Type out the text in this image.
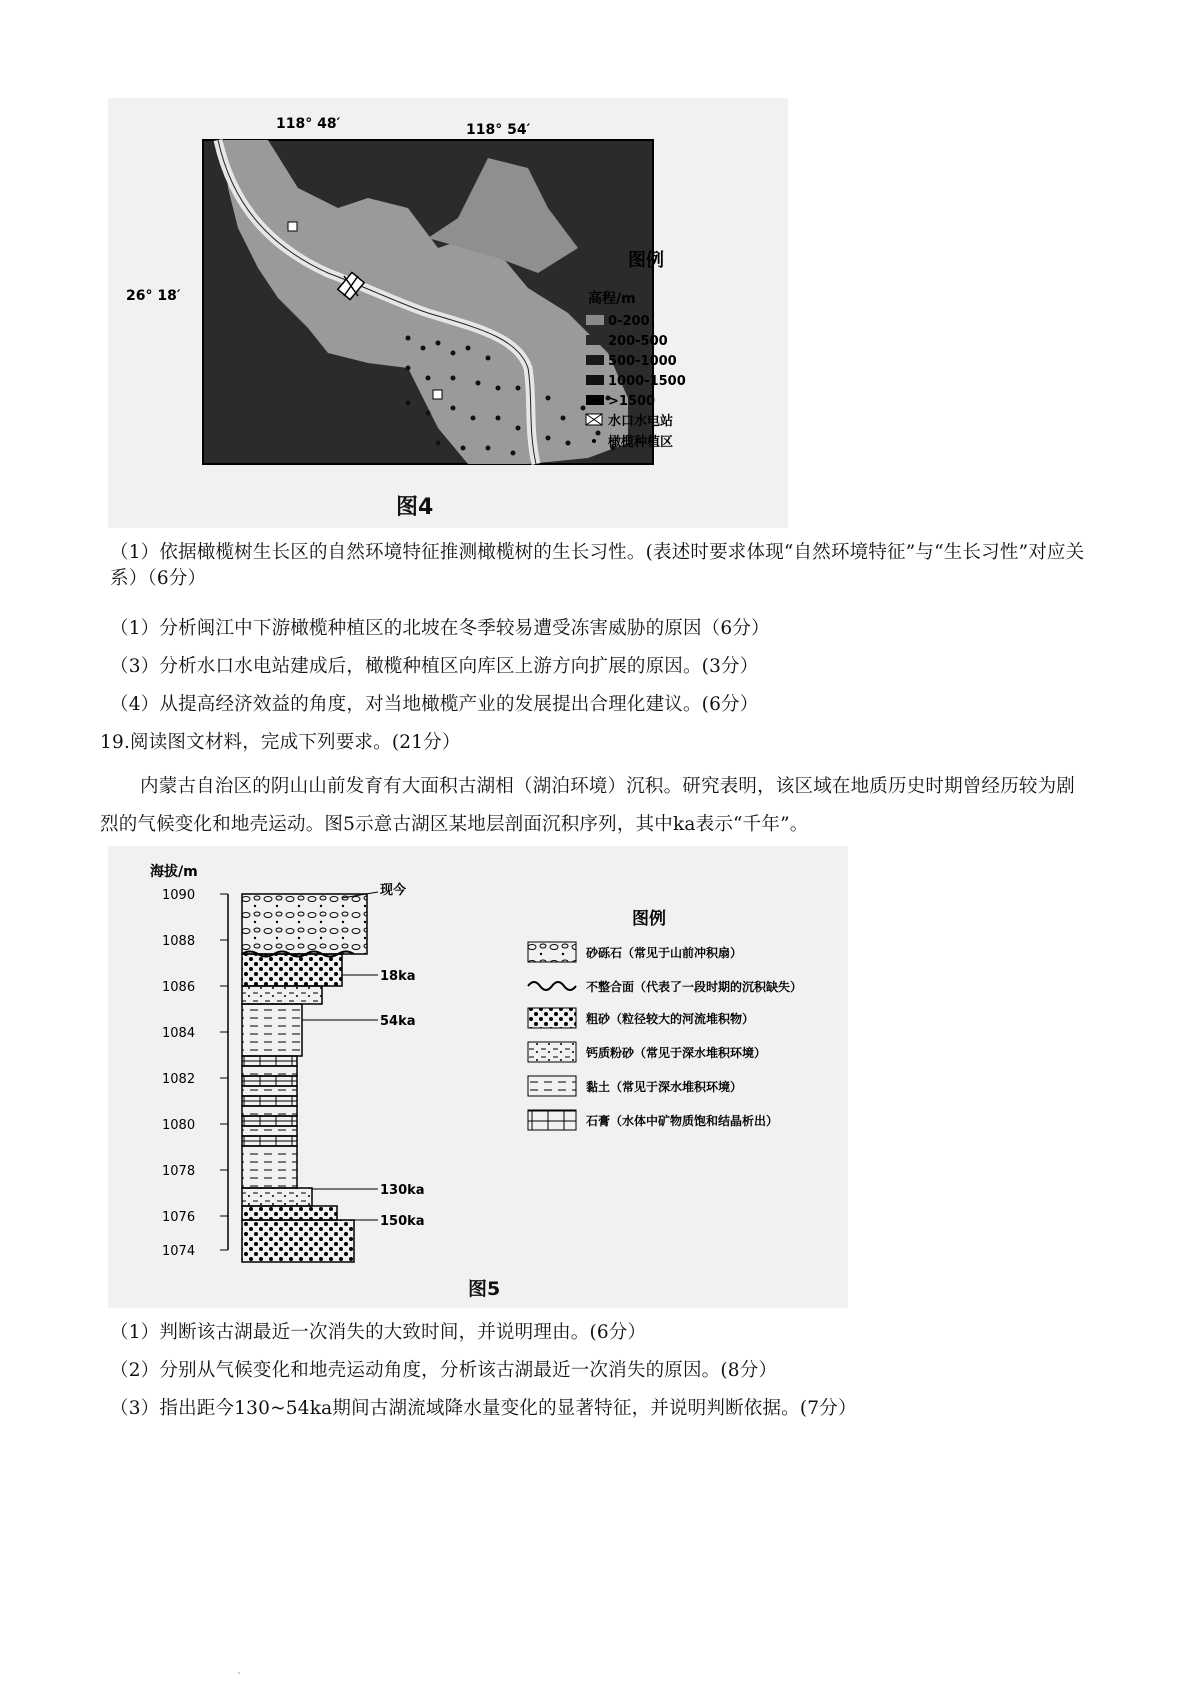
118° 48′	118° 54′
26° 18′
图例
高程/m
0-200
200-500
500-1000
1000-1500
>1500
水口水电站
橄榄种植区
图4
（1）依据橄榄树生长区的自然环境特征推测橄榄树的生长习性。(表述时要求体现“自然环境特征”与“生长习性”对应关系）（6分）
（1）分析闽江中下游橄榄种植区的北坡在冬季较易遭受冻害威胁的原因（6分）
（3）分析水口水电站建成后，橄榄种植区向库区上游方向扩展的原因。(3分）
（4）从提高经济效益的角度，对当地橄榄产业的发展提出合理化建议。(6分）
19.阅读图文材料，完成下列要求。(21分）
内蒙古自治区的阴山山前发育有大面积古湖相（湖泊环境）沉积。研究表明，该区域在地质历史时期曾经历较为剧烈的气候变化和地壳运动。图5示意古湖区某地层剖面沉积序列，其中ka表示“千年”。
海拔/m
1090
1088
1086
1084
1082
1080
1078
1076
1074
现今
18ka
54ka
130ka
150ka
图例
砂砾石（常见于山前冲积扇）
不整合面（代表了一段时期的沉积缺失）
粗砂（粒径较大的河流堆积物）
钙质粉砂（常见于深水堆积环境）
黏土（常见于深水堆积环境）
石膏（水体中矿物质饱和结晶析出）
图5
（1）判断该古湖最近一次消失的大致时间，并说明理由。(6分）
（2）分别从气候变化和地壳运动角度，分析该古湖最近一次消失的原因。(8分）
（3）指出距今130~54ka期间古湖流域降水量变化的显著特征，并说明判断依据。(7分）
